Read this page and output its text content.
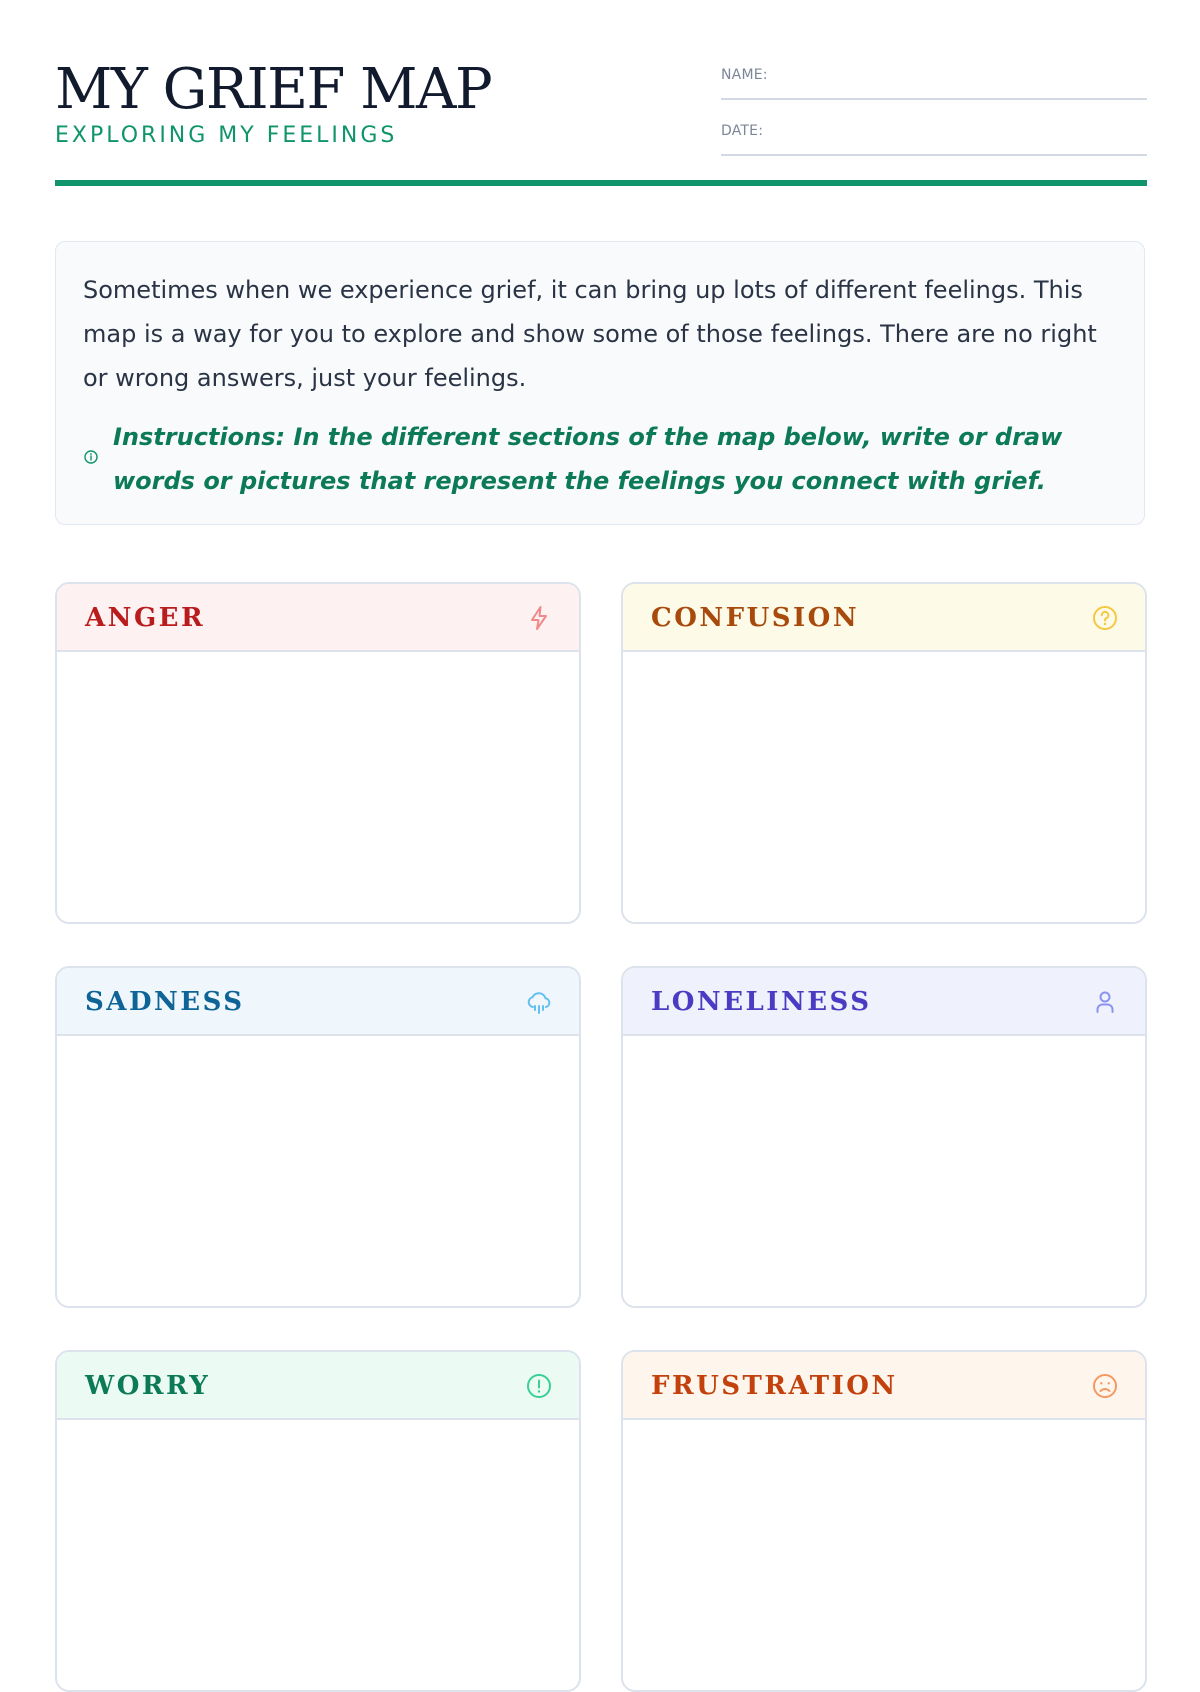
MY GRIEF MAP
EXPLORING MY FEELINGS
NAME:
DATE:

Sometimes when we experience grief, it can bring up lots of different feelings. This map is a way for you to explore and show some of those feelings. There are no right or wrong answers, just your feelings.

Instructions: In the different sections of the map below, write or draw words or pictures that represent the feelings you connect with grief.

ANGER	CONFUSION
SADNESS	LONELINESS
WORRY	FRUSTRATION
